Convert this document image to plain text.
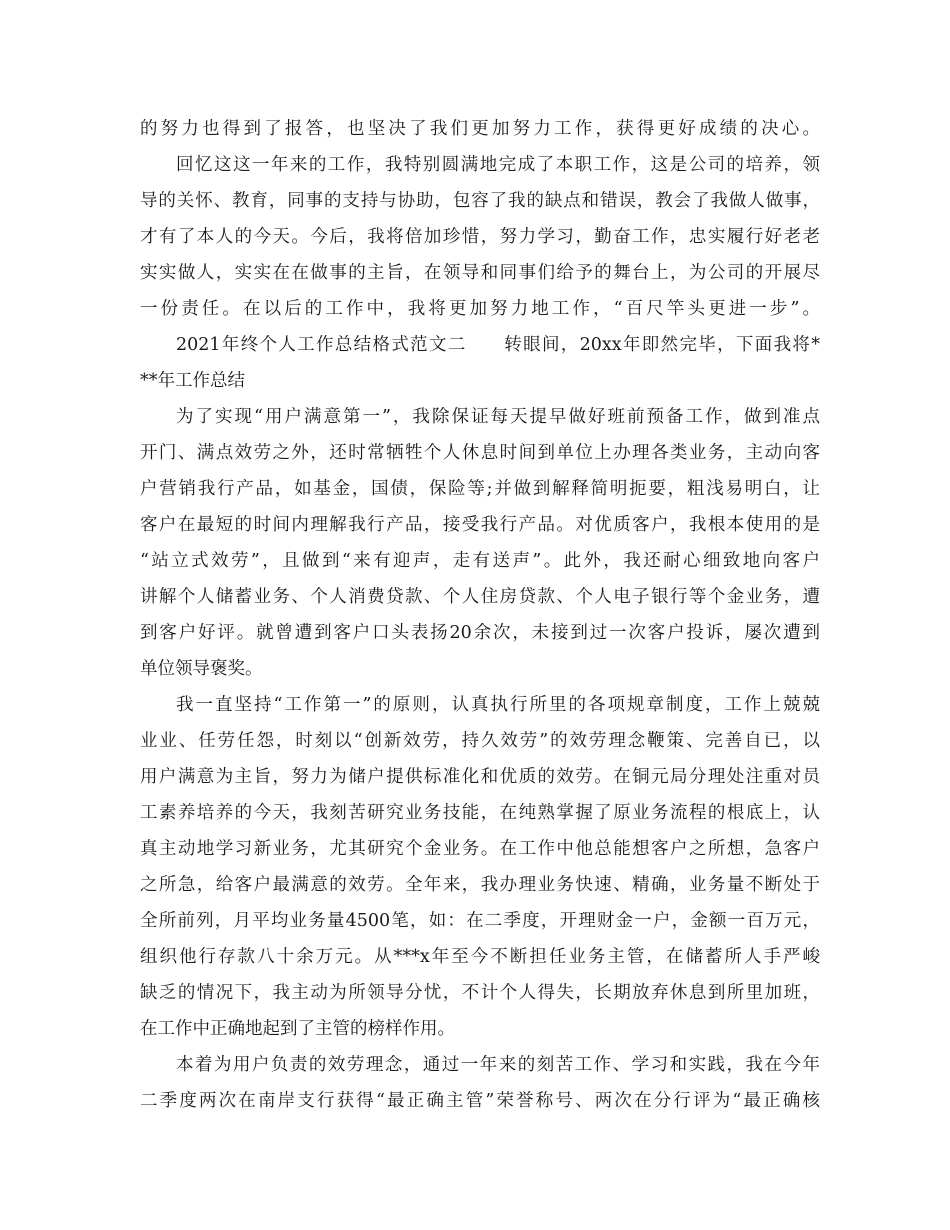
的努力也得到了报答，也坚决了我们更加努力工作，获得更好成绩的决心。
回忆这这一年来的工作，我特别圆满地完成了本职工作，这是公司的培养，领
导的关怀、教育，同事的支持与协助，包容了我的缺点和错误，教会了我做人做事，
才有了本人的今天。今后，我将倍加珍惜，努力学习，勤奋工作，忠实履行好老老
实实做人，实实在在做事的主旨，在领导和同事们给予的舞台上，为公司的开展尽
一份责任。在以后的工作中，我将更加努力地工作，“百尺竿头更进一步”。
2021年终个人工作总结格式范文二　　转眼间，20xx年即然完毕，下面我将*
**年工作总结
为了实现“用户满意第一”，我除保证每天提早做好班前预备工作，做到准点
开门、满点效劳之外，还时常牺牲个人休息时间到单位上办理各类业务，主动向客
户营销我行产品，如基金，国债，保险等;并做到解释简明扼要，粗浅易明白，让
客户在最短的时间内理解我行产品，接受我行产品。对优质客户，我根本使用的是
“站立式效劳”，且做到“来有迎声，走有送声”。此外，我还耐心细致地向客户
讲解个人储蓄业务、个人消费贷款、个人住房贷款、个人电子银行等个金业务，遭
到客户好评。就曾遭到客户口头表扬20余次，未接到过一次客户投诉，屡次遭到
单位领导褒奖。
我一直坚持“工作第一”的原则，认真执行所里的各项规章制度，工作上兢兢
业业、任劳任怨，时刻以“创新效劳，持久效劳”的效劳理念鞭策、完善自已，以
用户满意为主旨，努力为储户提供标准化和优质的效劳。在铜元局分理处注重对员
工素养培养的今天，我刻苦研究业务技能，在纯熟掌握了原业务流程的根底上，认
真主动地学习新业务，尤其研究个金业务。在工作中他总能想客户之所想，急客户
之所急，给客户最满意的效劳。全年来，我办理业务快速、精确，业务量不断处于
全所前列，月平均业务量4500笔，如：在二季度，开理财金一户，金额一百万元，
组织他行存款八十余万元。从***x年至今不断担任业务主管，在储蓄所人手严峻
缺乏的情况下，我主动为所领导分忧，不计个人得失，长期放弃休息到所里加班，
在工作中正确地起到了主管的榜样作用。
本着为用户负责的效劳理念，通过一年来的刻苦工作、学习和实践，我在今年
二季度两次在南岸支行获得“最正确主管”荣誉称号、两次在分行评为“最正确核
